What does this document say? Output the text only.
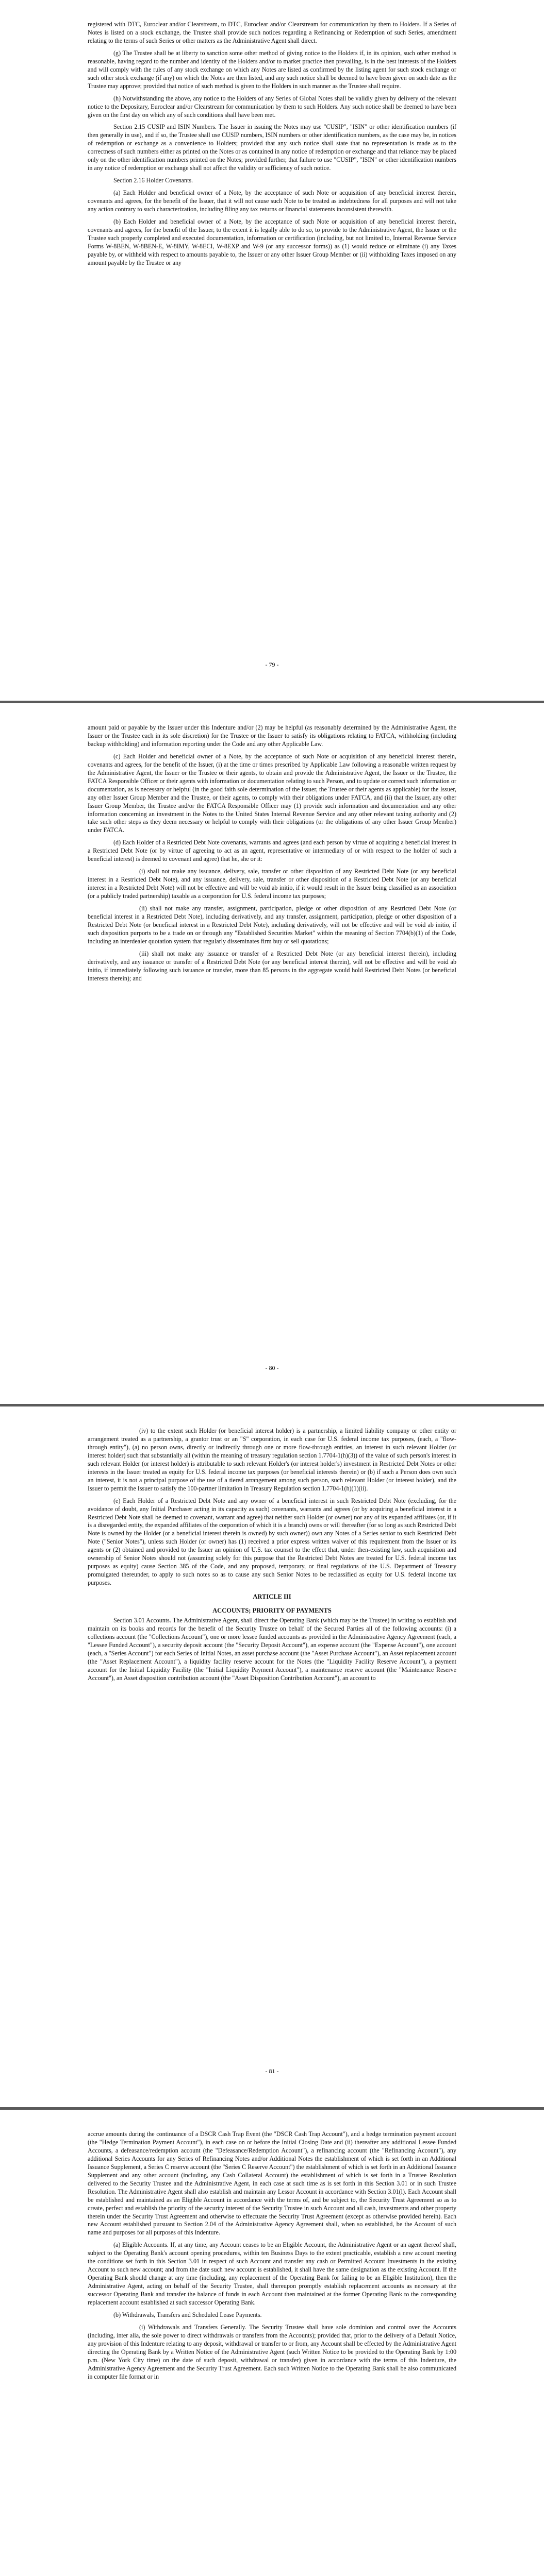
registered with DTC, Euroclear and/or Clearstream, to DTC, Euroclear and/or Clearstream for communication by them to Holders. If a Series of Notes is listed on a stock exchange, the Trustee shall provide such notices regarding a Refinancing or Redemption of such Series, amendment relating to the terms of such Series or other matters as the Administrative Agent shall direct.

(g) The Trustee shall be at liberty to sanction some other method of giving notice to the Holders if, in its opinion, such other method is reasonable, having regard to the number and identity of the Holders and/or to market practice then prevailing, is in the best interests of the Holders and will comply with the rules of any stock exchange on which any Notes are listed as confirmed by the listing agent for such stock exchange or such other stock exchange (if any) on which the Notes are then listed, and any such notice shall be deemed to have been given on such date as the Trustee may approve; provided that notice of such method is given to the Holders in such manner as the Trustee shall require.

(h) Notwithstanding the above, any notice to the Holders of any Series of Global Notes shall be validly given by delivery of the relevant notice to the Depositary, Euroclear and/or Clearstream for communication by them to such Holders. Any such notice shall be deemed to have been given on the first day on which any of such conditions shall have been met.

Section 2.15 CUSIP and ISIN Numbers. The Issuer in issuing the Notes may use "CUSIP", "ISIN" or other identification numbers (if then generally in use), and if so, the Trustee shall use CUSIP numbers, ISIN numbers or other identification numbers, as the case may be, in notices of redemption or exchange as a convenience to Holders; provided that any such notice shall state that no representation is made as to the correctness of such numbers either as printed on the Notes or as contained in any notice of redemption or exchange and that reliance may be placed only on the other identification numbers printed on the Notes; provided further, that failure to use "CUSIP", "ISIN" or other identification numbers in any notice of redemption or exchange shall not affect the validity or sufficiency of such notice.

Section 2.16 Holder Covenants.

(a) Each Holder and beneficial owner of a Note, by the acceptance of such Note or acquisition of any beneficial interest therein, covenants and agrees, for the benefit of the Issuer, that it will not cause such Note to be treated as indebtedness for all purposes and will not take any action contrary to such characterization, including filing any tax returns or financial statements inconsistent therewith.

(b) Each Holder and beneficial owner of a Note, by the acceptance of such Note or acquisition of any beneficial interest therein, covenants and agrees, for the benefit of the Issuer, to the extent it is legally able to do so, to provide to the Administrative Agent, the Issuer or the Trustee such properly completed and executed documentation, information or certification (including, but not limited to, Internal Revenue Service Forms W-8BEN, W-8BEN-E, W-8IMY, W-8ECI, W-8EXP and W-9 (or any successor forms)) as (1) would reduce or eliminate (i) any Taxes payable by, or withheld with respect to amounts payable to, the Issuer or any other Issuer Group Member or (ii) withholding Taxes imposed on any amount payable by the Trustee or any

- 79 -

amount paid or payable by the Issuer under this Indenture and/or (2) may be helpful (as reasonably determined by the Administrative Agent, the Issuer or the Trustee each in its sole discretion) for the Trustee or the Issuer to satisfy its obligations relating to FATCA, withholding (including backup withholding) and information reporting under the Code and any other Applicable Law.

(c) Each Holder and beneficial owner of a Note, by the acceptance of such Note or acquisition of any beneficial interest therein, covenants and agrees, for the benefit of the Issuer, (i) at the time or times prescribed by Applicable Law following a reasonable written request by the Administrative Agent, the Issuer or the Trustee or their agents, to obtain and provide the Administrative Agent, the Issuer or the Trustee, the FATCA Responsible Officer or their agents with information or documentation relating to such Person, and to update or correct such information or documentation, as is necessary or helpful (in the good faith sole determination of the Issuer, the Trustee or their agents as applicable) for the Issuer, any other Issuer Group Member and the Trustee, or their agents, to comply with their obligations under FATCA, and (ii) that the Issuer, any other Issuer Group Member, the Trustee and/or the FATCA Responsible Officer may (1) provide such information and documentation and any other information concerning an investment in the Notes to the United States Internal Revenue Service and any other relevant taxing authority and (2) take such other steps as they deem necessary or helpful to comply with their obligations (or the obligations of any other Issuer Group Member) under FATCA.

(d) Each Holder of a Restricted Debt Note covenants, warrants and agrees (and each person by virtue of acquiring a beneficial interest in a Restricted Debt Note (or by virtue of agreeing to act as an agent, representative or intermediary of or with respect to the holder of such a beneficial interest) is deemed to covenant and agree) that he, she or it:

(i) shall not make any issuance, delivery, sale, transfer or other disposition of any Restricted Debt Note (or any beneficial interest in a Restricted Debt Note), and any issuance, delivery, sale, transfer or other disposition of a Restricted Debt Note (or any beneficial interest in a Restricted Debt Note) will not be effective and will be void ab initio, if it would result in the Issuer being classified as an association (or a publicly traded partnership) taxable as a corporation for U.S. federal income tax purposes;

(ii) shall not make any transfer, assignment, participation, pledge or other disposition of any Restricted Debt Note (or beneficial interest in a Restricted Debt Note), including derivatively, and any transfer, assignment, participation, pledge or other disposition of a Restricted Debt Note (or beneficial interest in a Restricted Debt Note), including derivatively, will not be effective and will be void ab initio, if such disposition purports to be a trade on or through any "Established Securities Market" within the meaning of Section 7704(b)(1) of the Code, including an interdealer quotation system that regularly disseminates firm buy or sell quotations;

(iii) shall not make any issuance or transfer of a Restricted Debt Note (or any beneficial interest therein), including derivatively, and any issuance or transfer of a Restricted Debt Note (or any beneficial interest therein), will not be effective and will be void ab initio, if immediately following such issuance or transfer, more than 85 persons in the aggregate would hold Restricted Debt Notes (or beneficial interests therein); and

- 80 -

(iv) to the extent such Holder (or beneficial interest holder) is a partnership, a limited liability company or other entity or arrangement treated as a partnership, a grantor trust or an "S" corporation, in each case for U.S. federal income tax purposes, (each, a "flow-through entity"), (a) no person owns, directly or indirectly through one or more flow-through entities, an interest in such relevant Holder (or interest holder) such that substantially all (within the meaning of treasury regulation section 1.7704-1(h)(3)) of the value of such person's interest in such relevant Holder (or interest holder) is attributable to such relevant Holder's (or interest holder's) investment in Restricted Debt Notes or other interests in the Issuer treated as equity for U.S. federal income tax purposes (or beneficial interests therein) or (b) if such a Person does own such an interest, it is not a principal purpose of the use of a tiered arrangement among such person, such relevant Holder (or interest holder), and the Issuer to permit the Issuer to satisfy the 100-partner limitation in Treasury Regulation section 1.7704-1(h)(1)(ii).

(e) Each Holder of a Restricted Debt Note and any owner of a beneficial interest in such Restricted Debt Note (excluding, for the avoidance of doubt, any Initial Purchaser acting in its capacity as such) covenants, warrants and agrees (or by acquiring a beneficial interest in a Restricted Debt Note shall be deemed to covenant, warrant and agree) that neither such Holder (or owner) nor any of its expanded affiliates (or, if it is a disregarded entity, the expanded affiliates of the corporation of which it is a branch) owns or will thereafter (for so long as such Restricted Debt Note is owned by the Holder (or a beneficial interest therein is owned) by such owner)) own any Notes of a Series senior to such Restricted Debt Note ("Senior Notes"), unless such Holder (or owner) has (1) received a prior express written waiver of this requirement from the Issuer or its agents or (2) obtained and provided to the Issuer an opinion of U.S. tax counsel to the effect that, under then-existing law, such acquisition and ownership of Senior Notes should not (assuming solely for this purpose that the Restricted Debt Notes are treated for U.S. federal income tax purposes as equity) cause Section 385 of the Code, and any proposed, temporary, or final regulations of the U.S. Department of Treasury promulgated thereunder, to apply to such notes so as to cause any such Senior Notes to be reclassified as equity for U.S. federal income tax purposes.

ARTICLE III

ACCOUNTS; PRIORITY OF PAYMENTS

Section 3.01 Accounts. The Administrative Agent, shall direct the Operating Bank (which may be the Trustee) in writing to establish and maintain on its books and records for the benefit of the Security Trustee on behalf of the Secured Parties all of the following accounts: (i) a collections account (the "Collections Account"), one or more lessee funded accounts as provided in the Administrative Agency Agreement (each, a "Lessee Funded Account"), a security deposit account (the "Security Deposit Account"), an expense account (the "Expense Account"), one account (each, a "Series Account") for each Series of Initial Notes, an asset purchase account (the "Asset Purchase Account"), an Asset replacement account (the "Asset Replacement Account"), a liquidity facility reserve account for the Notes (the "Liquidity Facility Reserve Account"), a payment account for the Initial Liquidity Facility (the "Initial Liquidity Payment Account"), a maintenance reserve account (the "Maintenance Reserve Account"), an Asset disposition contribution account (the "Asset Disposition Contribution Account"), an account to

- 81 -

accrue amounts during the continuance of a DSCR Cash Trap Event (the "DSCR Cash Trap Account"), and a hedge termination payment account (the "Hedge Termination Payment Account"), in each case on or before the Initial Closing Date and (ii) thereafter any additional Lessee Funded Accounts, a defeasance/redemption account (the "Defeasance/Redemption Account"), a refinancing account (the "Refinancing Account"), any additional Series Accounts for any Series of Refinancing Notes and/or Additional Notes the establishment of which is set forth in an Additional Issuance Supplement, a Series C reserve account (the "Series C Reserve Account") the establishment of which is set forth in an Additional Issuance Supplement and any other account (including, any Cash Collateral Account) the establishment of which is set forth in a Trustee Resolution delivered to the Security Trustee and the Administrative Agent, in each case at such time as is set forth in this Section 3.01 or in such Trustee Resolution. The Administrative Agent shall also establish and maintain any Lessor Account in accordance with Section 3.01(l). Each Account shall be established and maintained as an Eligible Account in accordance with the terms of, and be subject to, the Security Trust Agreement so as to create, perfect and establish the priority of the security interest of the Security Trustee in such Account and all cash, investments and other property therein under the Security Trust Agreement and otherwise to effectuate the Security Trust Agreement (except as otherwise provided herein). Each new Account established pursuant to Section 2.04 of the Administrative Agency Agreement shall, when so established, be the Account of such name and purposes for all purposes of this Indenture.

(a) Eligible Accounts. If, at any time, any Account ceases to be an Eligible Account, the Administrative Agent or an agent thereof shall, subject to the Operating Bank's account opening procedures, within ten Business Days to the extent practicable, establish a new account meeting the conditions set forth in this Section 3.01 in respect of such Account and transfer any cash or Permitted Account Investments in the existing Account to such new account; and from the date such new account is established, it shall have the same designation as the existing Account. If the Operating Bank should change at any time (including, any replacement of the Operating Bank for failing to be an Eligible Institution), then the Administrative Agent, acting on behalf of the Security Trustee, shall thereupon promptly establish replacement accounts as necessary at the successor Operating Bank and transfer the balance of funds in each Account then maintained at the former Operating Bank to the corresponding replacement account established at such successor Operating Bank.

(b) Withdrawals, Transfers and Scheduled Lease Payments.

(i) Withdrawals and Transfers Generally. The Security Trustee shall have sole dominion and control over the Accounts (including, inter alia, the sole power to direct withdrawals or transfers from the Accounts); provided that, prior to the delivery of a Default Notice, any provision of this Indenture relating to any deposit, withdrawal or transfer to or from, any Account shall be effected by the Administrative Agent directing the Operating Bank by a Written Notice of the Administrative Agent (such Written Notice to be provided to the Operating Bank by 1:00 p.m. (New York City time) on the date of such deposit, withdrawal or transfer) given in accordance with the terms of this Indenture, the Administrative Agency Agreement and the Security Trust Agreement. Each such Written Notice to the Operating Bank shall be also communicated in computer file format or in
